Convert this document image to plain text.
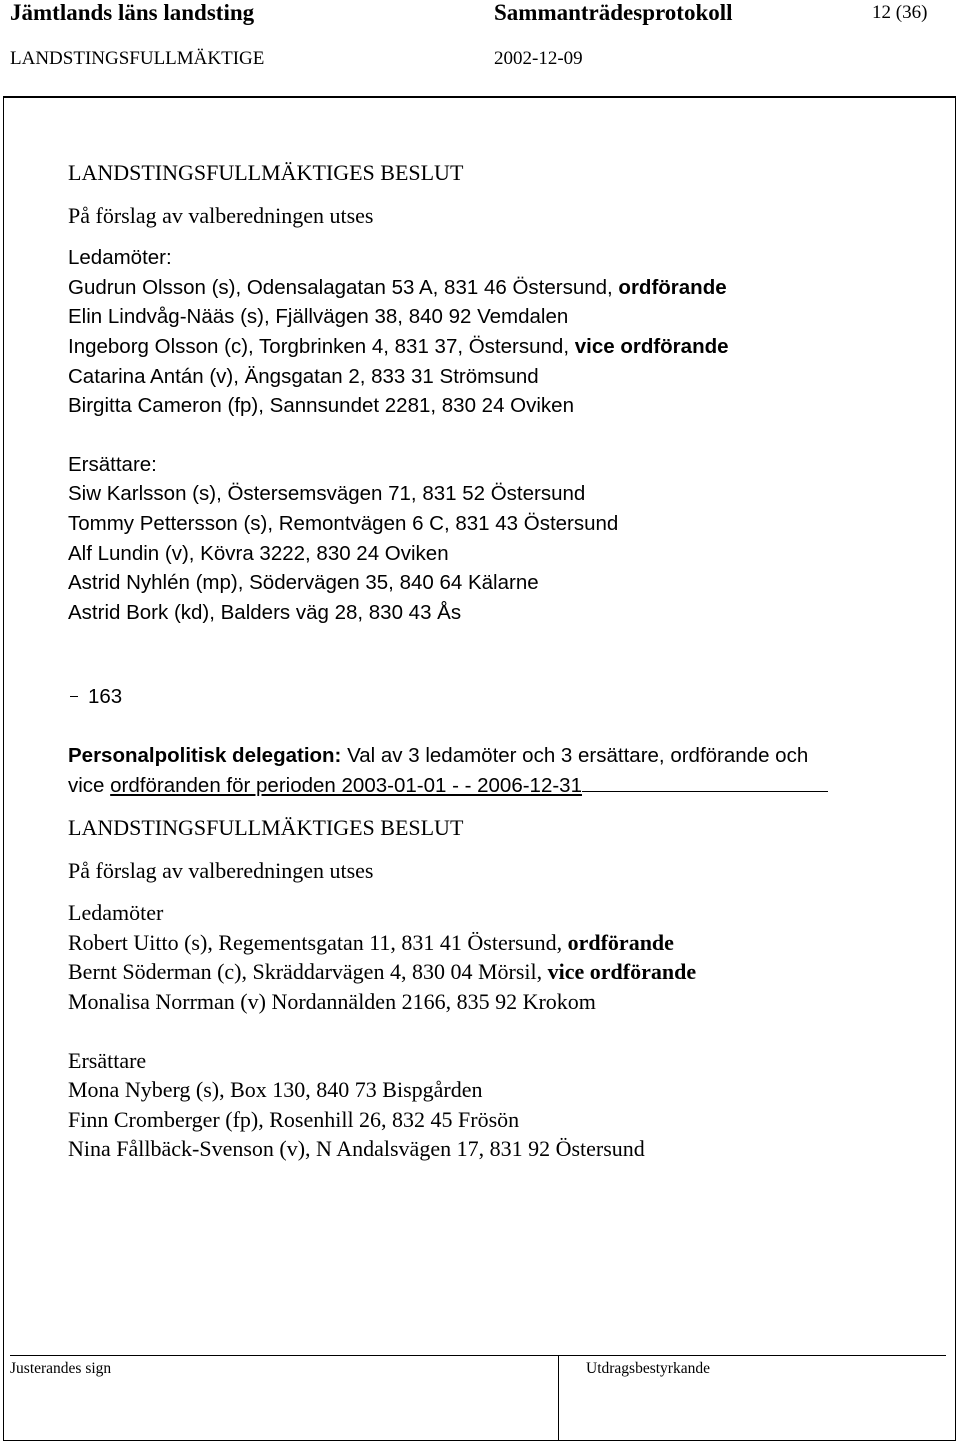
Jämtlands läns landsting	Sammanträdesprotokoll	12 (36)
LANDSTINGSFULLMÄKTIGE	2002-12-09

LANDSTINGSFULLMÄKTIGES BESLUT

På förslag av valberedningen utses

Ledamöter:

Gudrun Olsson (s), Odensalagatan 53 A, 831 46 Östersund, ordförande

Elin Lindvåg-Nääs (s), Fjällvägen 38, 840 92 Vemdalen

Ingeborg Olsson (c), Torgbrinken 4, 831 37, Östersund, vice ordförande

Catarina Antán (v), Ängsgatan 2, 833 31 Strömsund

Birgitta Cameron (fp), Sannsundet 2281, 830 24 Oviken

Ersättare:

Siw Karlsson (s), Östersemsvägen 71, 831 52 Östersund

Tommy Pettersson (s), Remontvägen 6 C, 831 43 Östersund

Alf Lundin (v), Kövra 3222, 830 24 Oviken

Astrid Nyhlén (mp), Södervägen 35, 840 64 Kälarne

Astrid Bork (kd), Balders väg 28, 830 43 Ås

163

Personalpolitisk delegation: Val av 3 ledamöter och 3 ersättare, ordförande och

vice ordföranden för perioden 2003-01-01 - - 2006-12-31

LANDSTINGSFULLMÄKTIGES BESLUT

På förslag av valberedningen utses

Ledamöter

Robert Uitto (s), Regementsgatan 11, 831 41 Östersund, ordförande

Bernt Söderman (c), Skräddarvägen 4, 830 04 Mörsil, vice ordförande

Monalisa Norrman (v) Nordannälden 2166, 835 92 Krokom

Ersättare

Mona Nyberg (s), Box 130, 840 73 Bispgården

Finn Cromberger (fp), Rosenhill 26, 832 45 Frösön

Nina Fållbäck-Svenson (v), N Andalsvägen 17, 831 92 Östersund

Justerandes sign	Utdragsbestyrkande
